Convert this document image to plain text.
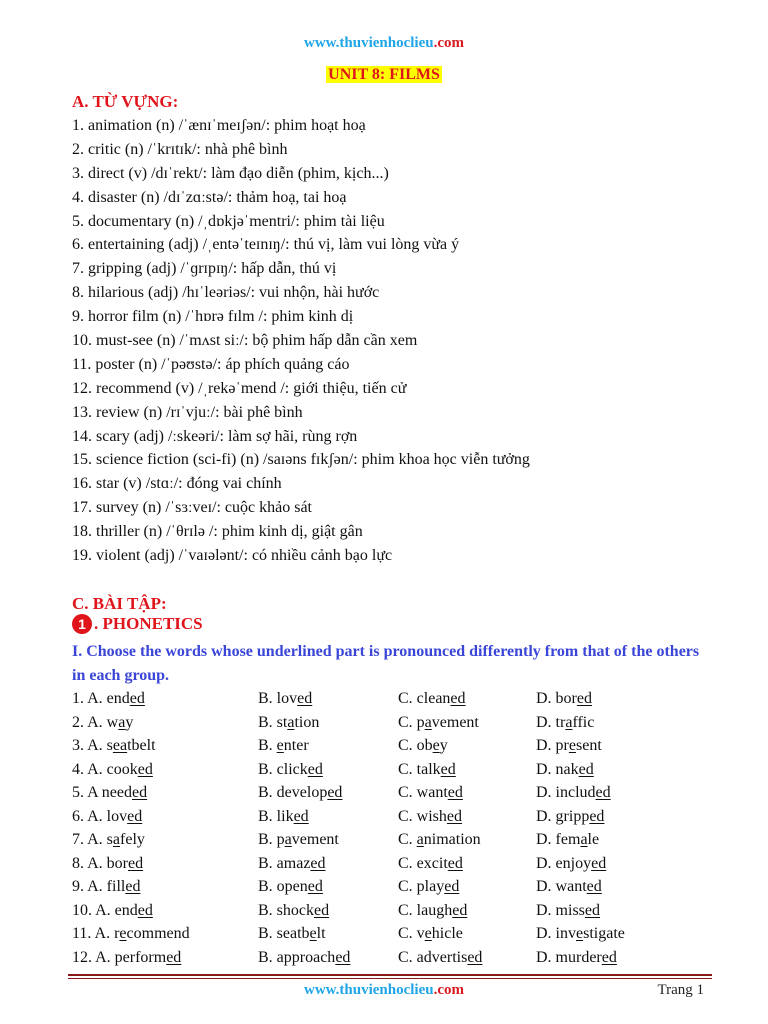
www.thuvienhoclieu.com
UNIT 8: FILMS
A. TỪ VỰNG:
1. animation (n) /ˈænɪˈmeɪʃən/: phim hoạt hoạ
2. critic (n) /ˈkrɪtɪk/: nhà phê bình
3. direct (v) /dɪˈrekt/: làm đạo diễn (phim, kịch...)
4. disaster (n) /dɪˈzɑːstə/: thảm hoạ, tai hoạ
5. documentary (n) /ˌdɒkjəˈmentri/: phim tài liệu
6. entertaining (adj) /ˌentəˈteɪnɪŋ/: thú vị, làm vui lòng vừa ý
7. gripping (adj) /ˈɡrɪpɪŋ/: hấp dẫn, thú vị
8. hilarious (adj) /hɪˈleəriəs/: vui nhộn, hài hước
9. horror film (n) /ˈhɒrə fɪlm /: phim kinh dị
10. must-see (n) /ˈmʌst siː/: bộ phim hấp dẫn cần xem
11. poster (n) /ˈpəʊstə/: áp phích quảng cáo
12. recommend (v) /ˌrekəˈmend /: giới thiệu, tiến cử
13. review (n) /rɪˈvjuː/: bài phê bình
14. scary (adj) /ːskeəri/: làm sợ hãi, rùng rợn
15. science fiction (sci-fi) (n) /saɪəns fɪkʃən/: phim khoa học viễn tưởng
16. star (v) /stɑː/: đóng vai chính
17. survey (n) /ˈsɜːveɪ/: cuộc khảo sát
18. thriller (n) /ˈθrɪlə /: phim kinh dị, giật gân
19. violent (adj) /ˈvaɪələnt/: có nhiều cảnh bạo lực
C. BÀI TẬP:
1 . PHONETICS
I. Choose the words whose underlined part is pronounced differently from that of the others in each group.
1. A. ended	B. loved	C. cleaned	D. bored
2. A. way	B. station	C. pavement	D. traffic
3. A. seatbelt	B. enter	C. obey	D. present
4. A. cooked	B. clicked	C. talked	D. naked
5. A needed	B. developed	C. wanted	D. included
6. A. loved	B. liked	C. wished	D. gripped
7. A. safely	B. pavement	C. animation	D. female
8. A. bored	B. amazed	C. excited	D. enjoyed
9. A. filled	B. opened	C. played	D. wanted
10. A. ended	B. shocked	C. laughed	D. missed
11. A. recommend	B. seatbelt	C. vehicle	D. investigate
12. A. performed	B. approached	C. advertised	D. murdered
www.thuvienhoclieu.com	Trang 1
